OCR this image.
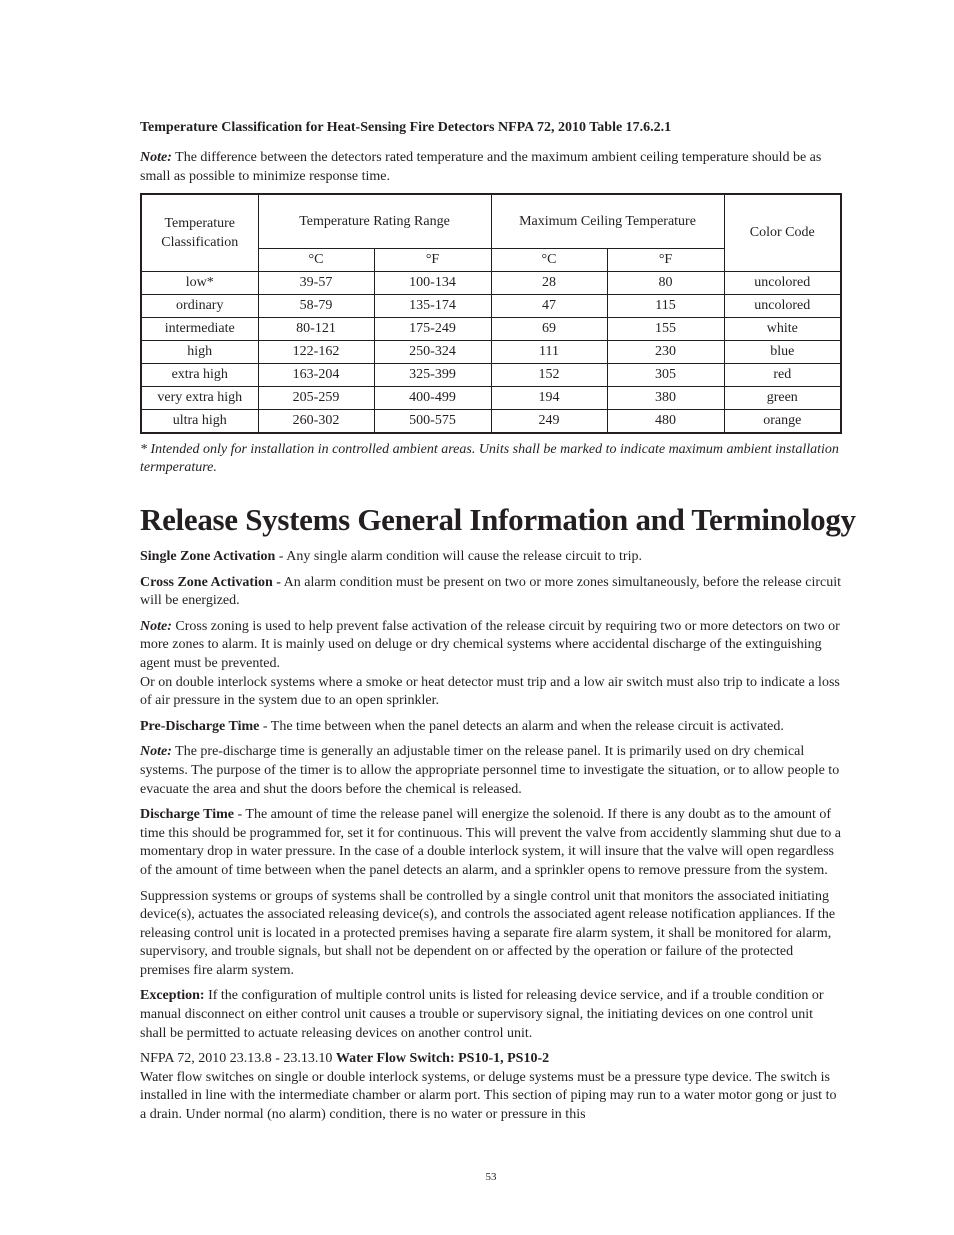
Temperature Classification for Heat-Sensing Fire Detectors NFPA 72, 2010 Table 17.6.2.1
Note: The difference between the detectors rated temperature and the maximum ambient ceiling temperature should be as small as possible to minimize response time.
Temperature Classification	Temperature Rating Range		Maximum Ceiling Temperature		Color Code
	°C	°F	°C	°F	
low*	39-57	100-134	28	80	uncolored
ordinary	58-79	135-174	47	115	uncolored
intermediate	80-121	175-249	69	155	white
high	122-162	250-324	111	230	blue
extra high	163-204	325-399	152	305	red
very extra high	205-259	400-499	194	380	green
ultra high	260-302	500-575	249	480	orange
* Intended only for installation in controlled ambient areas. Units shall be marked to indicate maximum ambient installation termperature.
Release Systems General Information and Terminology

Single Zone Activation - Any single alarm condition will cause the release circuit to trip.

Cross Zone Activation - An alarm condition must be present on two or more zones simultaneously, before the release circuit will be energized.

Note: Cross zoning is used to help prevent false activation of the release circuit by requiring two or more detectors on two or more zones to alarm. It is mainly used on deluge or dry chemical systems where accidental discharge of the extinguishing agent must be prevented.

Or on double interlock systems where a smoke or heat detector must trip and a low air switch must also trip to indicate a loss of air pressure in the system due to an open sprinkler.

Pre-Discharge Time - The time between when the panel detects an alarm and when the release circuit is activated.

Note: The pre-discharge time is generally an adjustable timer on the release panel. It is primarily used on dry chemical systems. The purpose of the timer is to allow the appropriate personnel time to investigate the situation, or to allow people to evacuate the area and shut the doors before the chemical is released.

Discharge Time - The amount of time the release panel will energize the solenoid. If there is any doubt as to the amount of time this should be programmed for, set it for continuous. This will prevent the valve from accidently slamming shut due to a momentary drop in water pressure. In the case of a double interlock system, it will insure that the valve will open regardless of the amount of time between when the panel detects an alarm, and a sprinkler opens to remove pressure from the system.

Suppression systems or groups of systems shall be controlled by a single control unit that monitors the associated initiating device(s), actuates the associated releasing device(s), and controls the associated agent release notification appliances. If the releasing control unit is located in a protected premises having a separate fire alarm system, it shall be monitored for alarm, supervisory, and trouble signals, but shall not be dependent on or affected by the operation or failure of the protected premises fire alarm system.

Exception: If the configuration of multiple control units is listed for releasing device service, and if a trouble condition or manual disconnect on either control unit causes a trouble or supervisory signal, the initiating devices on one control unit shall be permitted to actuate releasing devices on another control unit.

NFPA 72, 2010 23.13.8 - 23.13.10 Water Flow Switch: PS10-1, PS10-2
Water flow switches on single or double interlock systems, or deluge systems must be a pressure type device. The switch is installed in line with the intermediate chamber or alarm port. This section of piping may run to a water motor gong or just to a drain. Under normal (no alarm) condition, there is no water or pressure in this

53
